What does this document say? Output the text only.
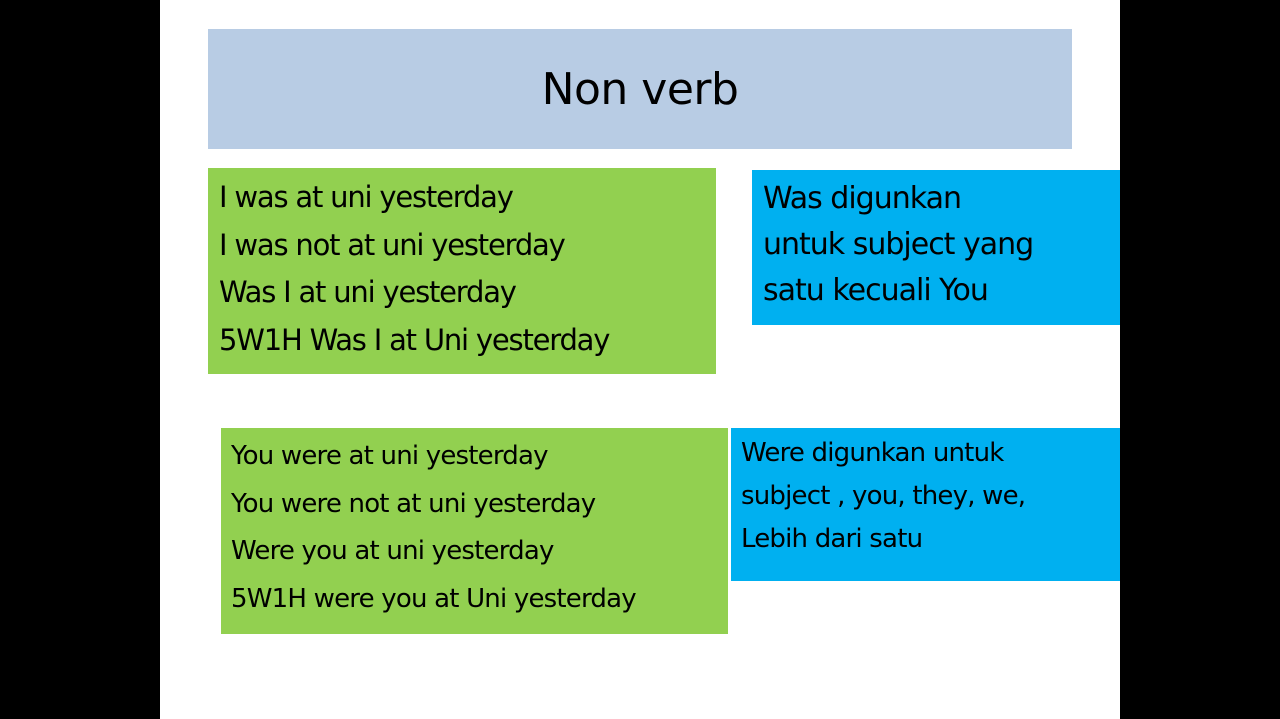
Non verb
I was at uni yesterday
I was not at uni yesterday
Was I at uni yesterday
5W1H Was I at Uni yesterday
Was digunkan
untuk subject yang
satu kecuali You
You were at uni yesterday
You were not at uni yesterday
Were you at uni yesterday
5W1H were you at Uni yesterday
Were digunkan untuk
subject , you, they, we,
Lebih dari satu
